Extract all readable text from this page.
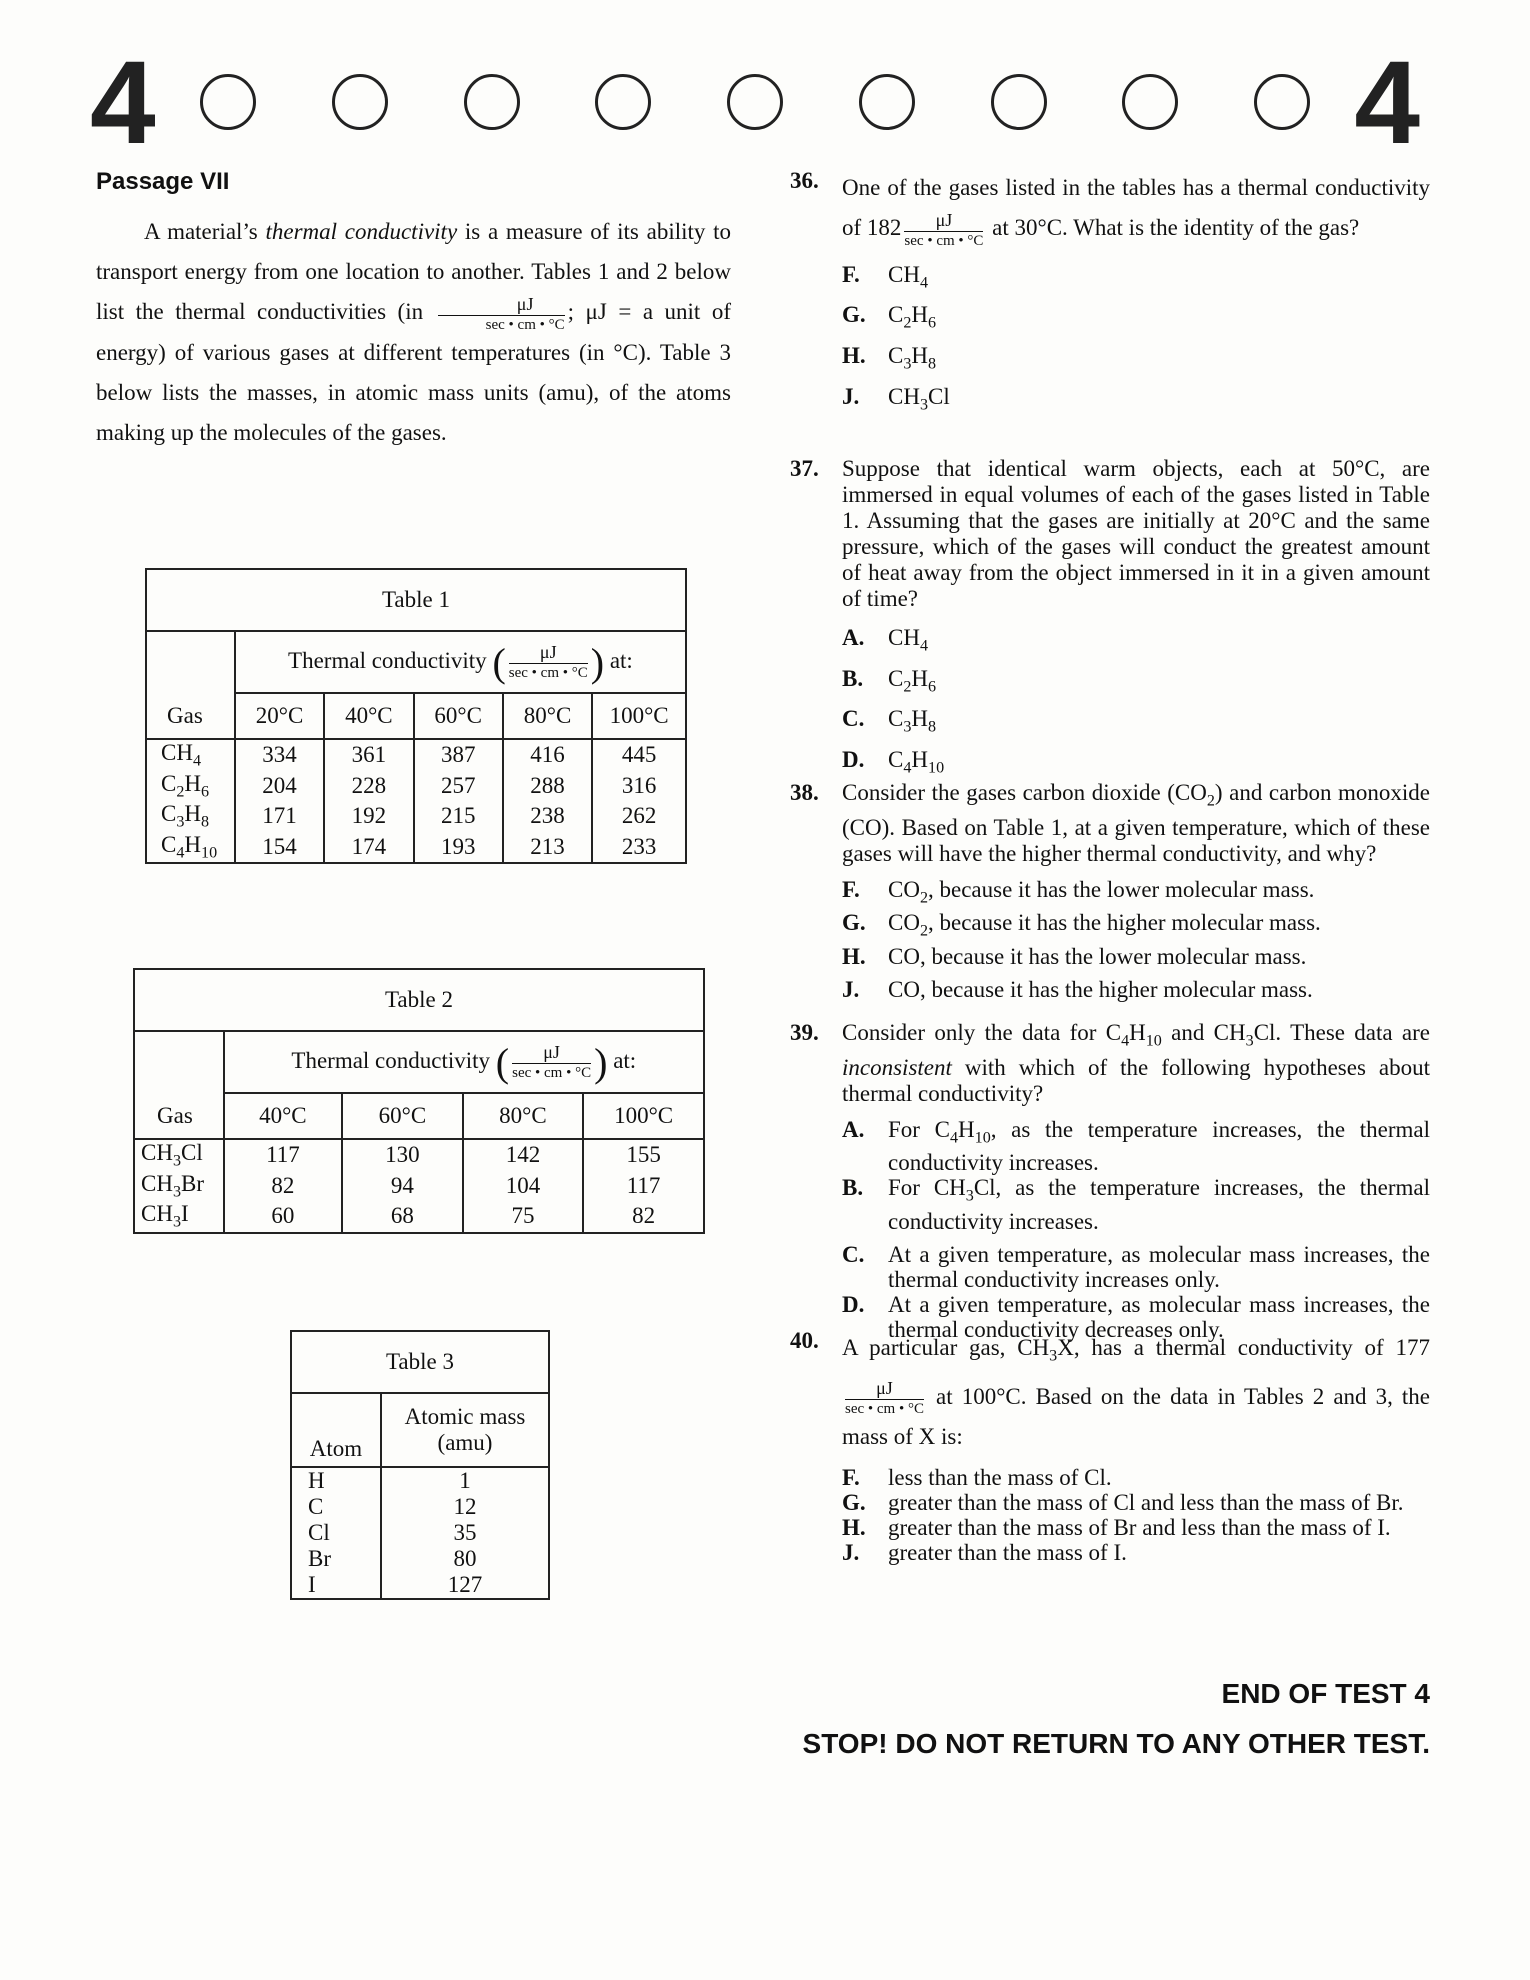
4	4
Passage VII

A material’s thermal conductivity is a measure of its ability to transport energy from one location to another. Tables 1 and 2 below list the thermal conductivities ($in \frac{\mu J}{\sec • cm • ^\circ C}$ ; μJ = a unit of energy) of various gases at different temperatures (in °C). Table 3 below lists the masses, in atomic mass units (amu), of the atoms making up the molecules of the gases.

Table 1					
	Thermal conductivity ( $\frac{\mu J}{\sec • cm • ^\circ C}$ ) at:				
Gas	20°C	40°C	60°C	80°C	100°C
$CH_4$	334	361	387	416	445
$C_2H_6$	204	228	257	288	316
$C_3H_8$	171	192	215	238	262
$C_4H_{10}$	154	174	193	213	233
Table 2				
	Thermal conductivity ( $\frac{\mu J}{\sec • cm • ^\circ C}$ ) at:			
Gas	40°C	60°C	80°C	100°C
$CH_3Cl$	117	130	142	155
$CH_3Br$	82	94	104	117
$CH_3I$	60	68	75	82
Table 3	
Atom	Atomic mass
(amu)
H	1
C	12
Cl	35
Br	80
I	127
36. One of the gases listed in the tables has a thermal conductivity of $182 \frac{\mu J}{\sec • cm • ^\circ C}$ at 30°C. What is the identity of the gas?
F.	$CH_4$
G. $C_2H_6$
H. $C_3H_8$
J.	$CH_3Cl$
37. Suppose that identical warm objects, each at 50°C, are immersed in equal volumes of each of the gases listed in Table 1. Assuming that the gases are initially at 20°C and the same pressure, which of the gases will conduct the greatest amount of heat away from the object immersed in it in a given amount of time?
A.	$CH_4$
B.	$C_2H_6$
C.	$C_3H_8$
D.	$C_4H_{10}$
38. Consider the gases carbon dioxide $(CO_2)$ and carbon monoxide (CO). Based on Table 1, at a given temperature, which of these gases will have the higher thermal conductivity, and why?
F.	$CO_2$, because it has the lower molecular mass.
G. $CO_2$, because it has the higher molecular mass.
H. CO, because it has the lower molecular mass.
J.	CO, because it has the higher molecular mass.
39. Consider only the data for $C_4H_{10}$ and $CH_3Cl$. These data are inconsistent with which of the following hypotheses about thermal conductivity?
A.	For $C_4H_{10}$, as the temperature increases, the thermal conductivity increases.
B.	For $CH_3Cl$, as the temperature increases, the thermal conductivity increases.
C.	At a given temperature, as molecular mass increases, the thermal conductivity increases only.
D.	At a given temperature, as molecular mass increases, the thermal conductivity decreases only.
40. A particular gas, $CH_3X$, has a thermal conductivity of 177
$\frac{\mu J}{\sec • cm • ^\circ C}$ at 100°C. Based on the data in Tables 2 and 3, the mass of X is:
F.	less than the mass of Cl.
G. greater than the mass of Cl and less than the mass of Br.
H. greater than the mass of Br and less than the mass of I.
J.	greater than the mass of I.
END OF TEST 4
STOP! DO NOT RETURN TO ANY OTHER TEST.
